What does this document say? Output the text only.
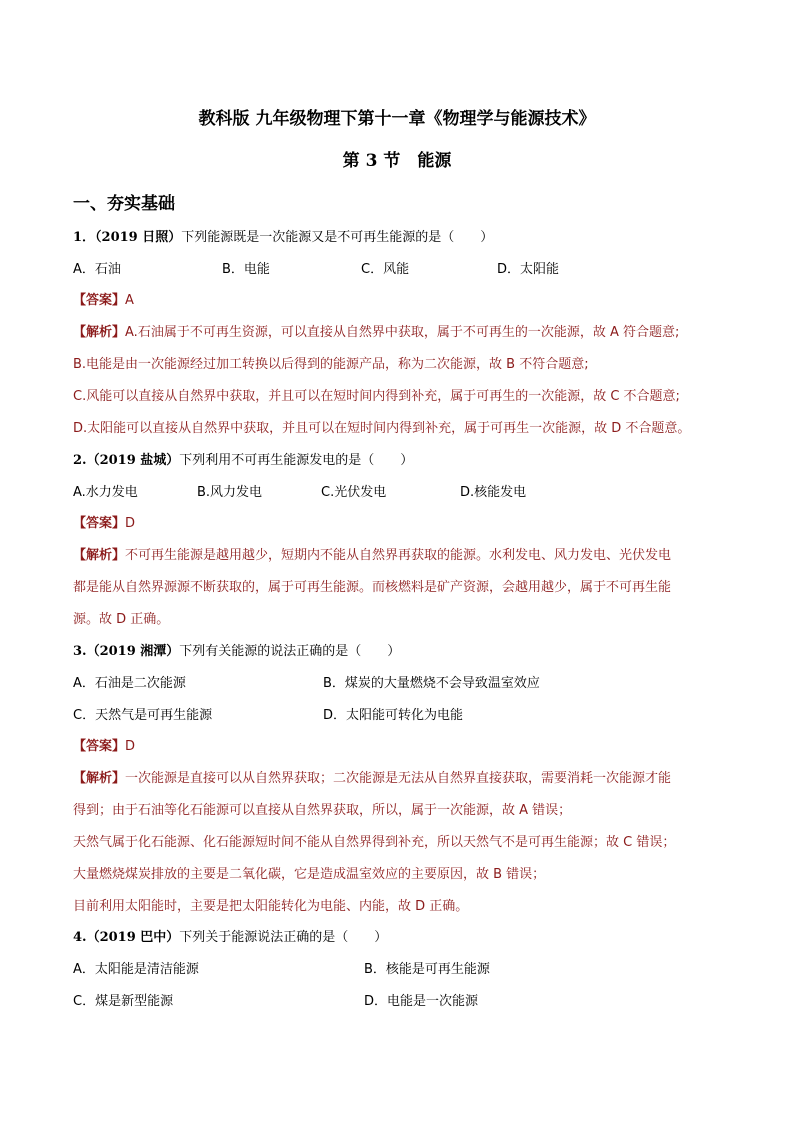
教科版 九年级物理下第十一章《物理学与能源技术》
第 3 节　能源
一、夯实基础
1．（2019 日照）下列能源既是一次能源又是不可再生能源的是（　　）
A．石油	B．电能	C．风能	D．太阳能
【答案】A
【解析】A.石油属于不可再生资源，可以直接从自然界中获取，属于不可再生的一次能源，故 A 符合题意;
B.电能是由一次能源经过加工转换以后得到的能源产品，称为二次能源，故 B 不符合题意;
C.风能可以直接从自然界中获取，并且可以在短时间内得到补充，属于可再生的一次能源，故 C 不合题意;
D.太阳能可以直接从自然界中获取，并且可以在短时间内得到补充，属于可再生一次能源，故 D 不合题意。
2.（2019 盐城）下列利用不可再生能源发电的是（　　）
A.水力发电	B.风力发电	C.光伏发电	D.核能发电
【答案】D
【解析】不可再生能源是越用越少，短期内不能从自然界再获取的能源。水利发电、风力发电、光伏发电
都是能从自然界源源不断获取的，属于可再生能源。而核燃料是矿产资源，会越用越少，属于不可再生能
源。故 D 正确。
3.（2019 湘潭）下列有关能源的说法正确的是（　　）
A．石油是二次能源	B．煤炭的大量燃烧不会导致温室效应
C．天然气是可再生能源	D．太阳能可转化为电能
【答案】D
【解析】一次能源是直接可以从自然界获取；二次能源是无法从自然界直接获取，需要消耗一次能源才能
得到；由于石油等化石能源可以直接从自然界获取，所以，属于一次能源，故 A 错误；
天然气属于化石能源、化石能源短时间不能从自然界得到补充，所以天然气不是可再生能源；故 C 错误；
大量燃烧煤炭排放的主要是二氧化碳，它是造成温室效应的主要原因，故 B 错误；
目前利用太阳能时，主要是把太阳能转化为电能、内能，故 D 正确。
4.（2019 巴中）下列关于能源说法正确的是（　　）
A．太阳能是清洁能源	B．核能是可再生能源
C．煤是新型能源	D．电能是一次能源
